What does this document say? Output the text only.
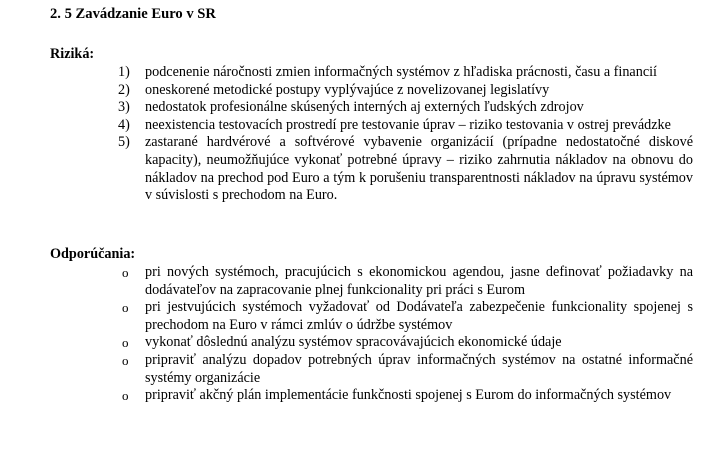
2. 5 Zavádzanie Euro v SR
Riziká:
1)	podcenenie náročnosti zmien informačných systémov z hľadiska prácnosti, času a financií
2)	oneskorené metodické postupy vyplývajúce z novelizovanej legislatívy
3)	nedostatok profesionálne skúsených interných aj externých ľudských zdrojov
4)	neexistencia testovacích prostredí pre testovanie úprav – riziko testovania v ostrej prevádzke
5)	zastarané hardvérové a softvérové vybavenie organizácií (prípadne nedostatočné diskové kapacity), neumožňujúce vykonať potrebné úpravy – riziko zahrnutia nákladov na obnovu do nákladov na prechod pod Euro a tým k porušeniu transparentnosti nákladov na úpravu systémov v súvislosti s prechodom na Euro.
Odporúčania:
o	pri nových systémoch, pracujúcich s ekonomickou agendou, jasne definovať požiadavky na dodávateľov na zapracovanie plnej funkcionality pri práci s Eurom
o	pri jestvujúcich systémoch vyžadovať od Dodávateľa zabezpečenie funkcionality spojenej s prechodom na Euro v rámci zmlúv o údržbe systémov
o	vykonať dôslednú analýzu systémov spracovávajúcich ekonomické údaje
o	pripraviť analýzu dopadov potrebných úprav informačných systémov na ostatné informačné systémy organizácie
o	pripraviť akčný plán implementácie funkčnosti spojenej s Eurom do informačných systémov
